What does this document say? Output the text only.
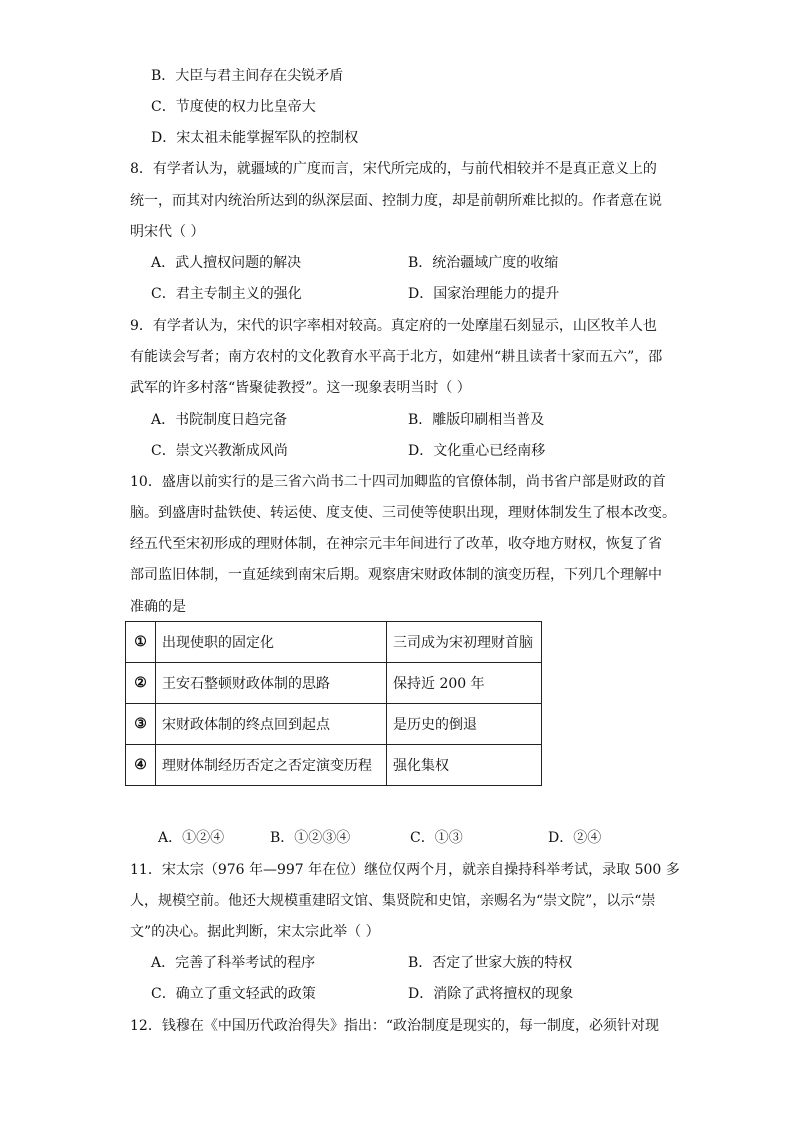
B．大臣与君主间存在尖锐矛盾
C．节度使的权力比皇帝大
D．宋太祖未能掌握军队的控制权
8．有学者认为，就疆域的广度而言，宋代所完成的，与前代相较并不是真正意义上的
统一，而其对内统治所达到的纵深层面、控制力度，却是前朝所难比拟的。作者意在说
明宋代（ ）
A．武人擅权问题的解决	B．统治疆域广度的收缩
C．君主专制主义的强化	D．国家治理能力的提升
9．有学者认为，宋代的识字率相对较高。真定府的一处摩崖石刻显示，山区牧羊人也
有能读会写者；南方农村的文化教育水平高于北方，如建州“耕且读者十家而五六”，邵
武军的许多村落“皆聚徒教授”。这一现象表明当时（ ）
A．书院制度日趋完备	B．雕版印刷相当普及
C．崇文兴教渐成风尚	D．文化重心已经南移
10．盛唐以前实行的是三省六尚书二十四司加卿监的官僚体制，尚书省户部是财政的首
脑。到盛唐时盐铁使、转运使、度支使、三司使等使职出现，理财体制发生了根本改变。
经五代至宋初形成的理财体制，在神宗元丰年间进行了改革，收夺地方财权，恢复了省
部司监旧体制，一直延续到南宋后期。观察唐宋财政体制的演变历程，下列几个理解中
准确的是
①	出现使职的固定化	三司成为宋初理财首脑
②	王安石整顿财政体制的思路	保持近 200 年
③	宋财政体制的终点回到起点	是历史的倒退
④	理财体制经历否定之否定演变历程	强化集权
A．①②④	B．①②③④	C．①③	D．②④
11．宋太宗（976 年—997 年在位）继位仅两个月，就亲自操持科举考试，录取 500 多
人，规模空前。他还大规模重建昭文馆、集贤院和史馆，亲赐名为“崇文院”，以示“崇
文”的决心。据此判断，宋太宗此举（ ）
A．完善了科举考试的程序	B．否定了世家大族的特权
C．确立了重文轻武的政策	D．消除了武将擅权的现象
12．钱穆在《中国历代政治得失》指出：“政治制度是现实的，每一制度，必须针对现
